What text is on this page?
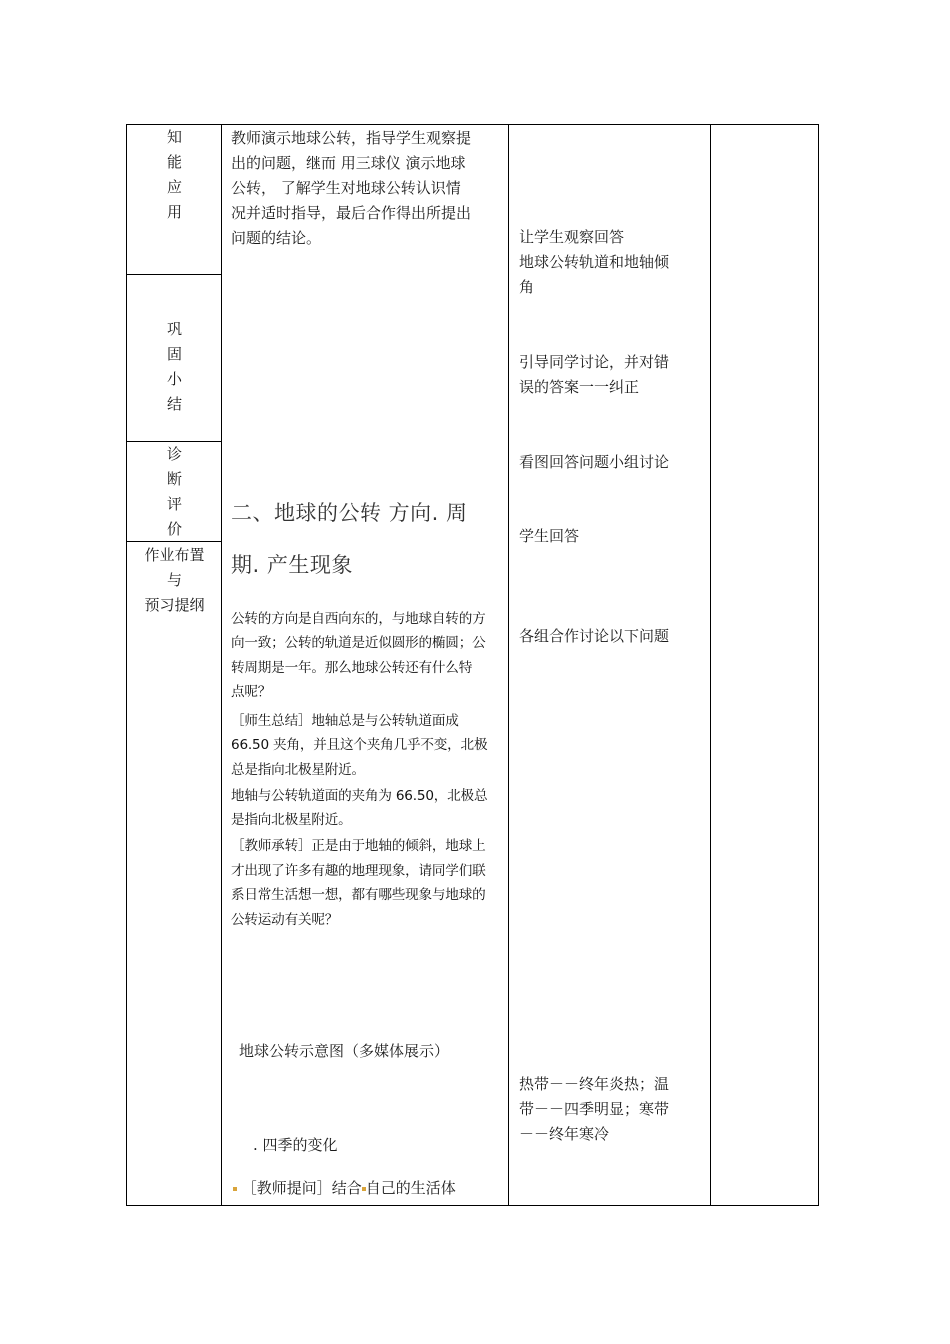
知
能
应
用
巩
固
小
结
诊
断
评
价
作业布置
与
预习提纲
教师演示地球公转，指导学生观察提
出的问题，继而 用三球仪 演示地球
公转， 了解学生对地球公转认识情
况并适时指导，最后合作得出所提出
问题的结论。
二、地球的公转 方向. 周
期. 产生现象
公转的方向是自西向东的，与地球自转的方
向一致；公转的轨道是近似圆形的椭圆；公
转周期是一年。那么地球公转还有什么特
点呢？
［师生总结］地轴总是与公转轨道面成
66.50 夹角，并且这个夹角几乎不变，北极
总是指向北极星附近。
地轴与公转轨道面的夹角为 66.50，北极总
是指向北极星附近。
［教师承转］正是由于地轴的倾斜，地球上
才出现了许多有趣的地理现象，请同学们联
系日常生活想一想，都有哪些现象与地球的
公转运动有关呢？
地球公转示意图（多媒体展示）
. 四季的变化
［教师提问］结合 自己的生活体
让学生观察回答
地球公转轨道和地轴倾
角
引导同学讨论，并对错
误的答案一一纠正
看图回答问题小组讨论
学生回答
各组合作讨论以下问题
热带－－终年炎热；温
带－－四季明显；寒带
－－终年寒冷
